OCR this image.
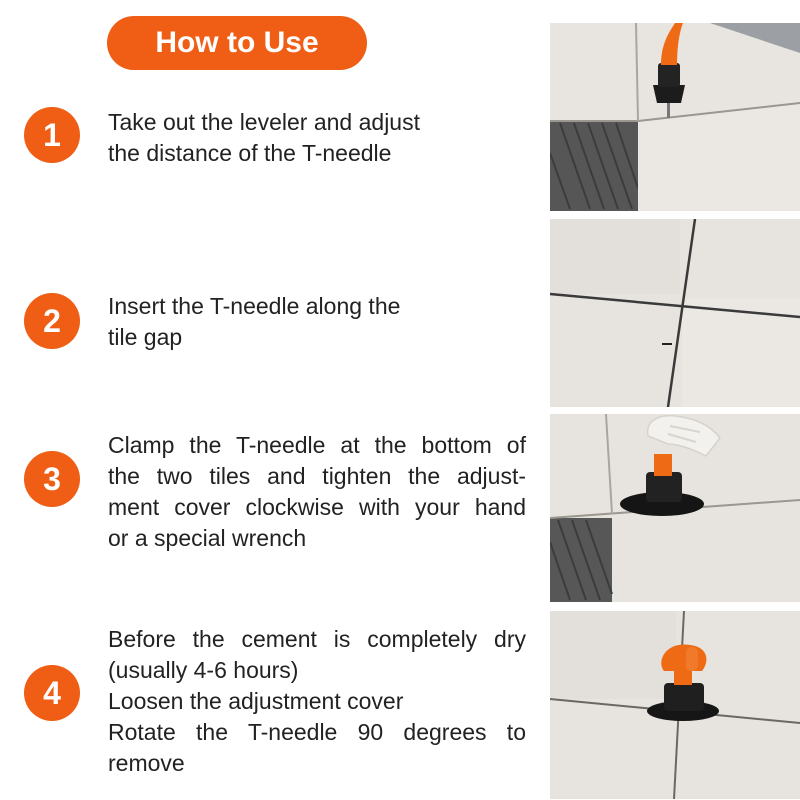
How to Use
1	Take out the leveler and adjust
the distance of the T-needle
2	Insert the T-needle along the
tile gap
3
Clamp the T-needle at the bottom of
the two tiles and tighten the adjust-
ment cover clockwise with your hand
or a special wrench
4
Before the cement is completely dry
(usually 4-6 hours)
Loosen the adjustment cover
Rotate the T-needle 90 degrees to
remove
